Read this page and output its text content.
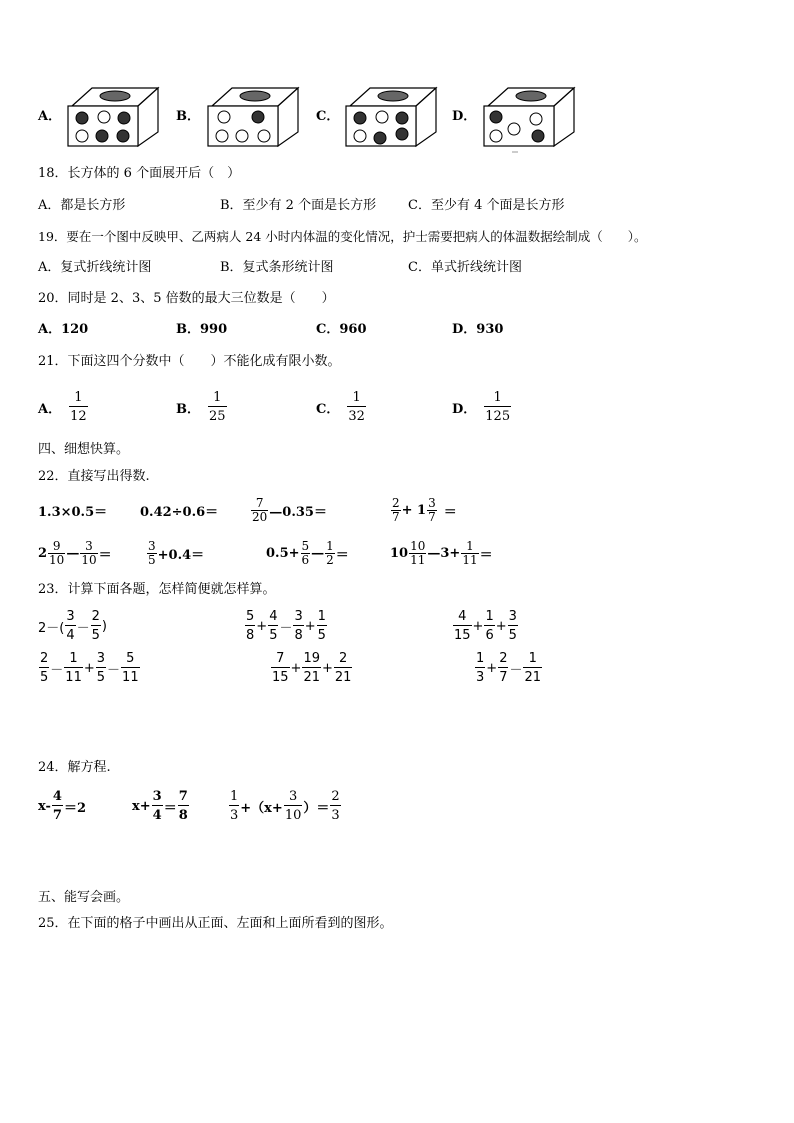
A．	B．	C．	D．
18．长方体的 6 个面展开后（　）
A．都是长方形	B．至少有 2 个面是长方形 C．至少有 4 个面是长方形
19．要在一个图中反映甲、乙两病人 24 小时内体温的变化情况，护士需要把病人的体温数据绘制成（　　）。
A．复式折线统计图	B．复式条形统计图	C．单式折线统计图
20．同时是 2、3、5 倍数的最大三位数是（　　）
A．120	B．990	C．960	D．930
21．下面这四个分数中（　　）不能化成有限小数。
A． $\frac{1}{12}$	B． $\frac{1}{25}$	C． $\frac{1}{32}$	D． $\frac{1}{125}$
四、细想快算。
22．直接写出得数.
1.3×0.5＝	0.42÷0.6＝	$\frac{7}{20}$ —0.35＝	$\frac{2}{7} + 1 \frac{3}{7}$ ＝
$2 \frac{9}{10}$ — $\frac{3}{10}$ ＝	$\frac{3}{5} +0.4=$	$0.5+ \frac{5}{6}$ — $\frac{1}{2}$ ＝	$10 \frac{10}{11}$ —3+ $\frac{1}{11}$ ＝
23．计算下面各题，怎样简便就怎样算。
$2-( \frac{3}{4} - \frac{2}{5}$ )	$\frac{5}{8} + \frac{4}{5} - \frac{3}{8} + \frac{1}{5}$	$\frac{4}{15} + \frac{1}{6} + \frac{3}{5}$
$\frac{2}{5} - \frac{1}{11} + \frac{3}{5} - \frac{5}{11}$	$\frac{7}{15} + \frac{19}{21} + \frac{2}{21}$	$\frac{1}{3} + \frac{2}{7} - \frac{1}{21}$
24．解方程.
$x- \frac{4}{7} =2$	$x+ \frac{3}{4} = \frac{7}{8}$	$\frac{1}{3} +(x+ \frac{3}{10}$ ）＝ $\frac{2}{3}$
五、能写会画。
25．在下面的格子中画出从正面、左面和上面所看到的图形。
